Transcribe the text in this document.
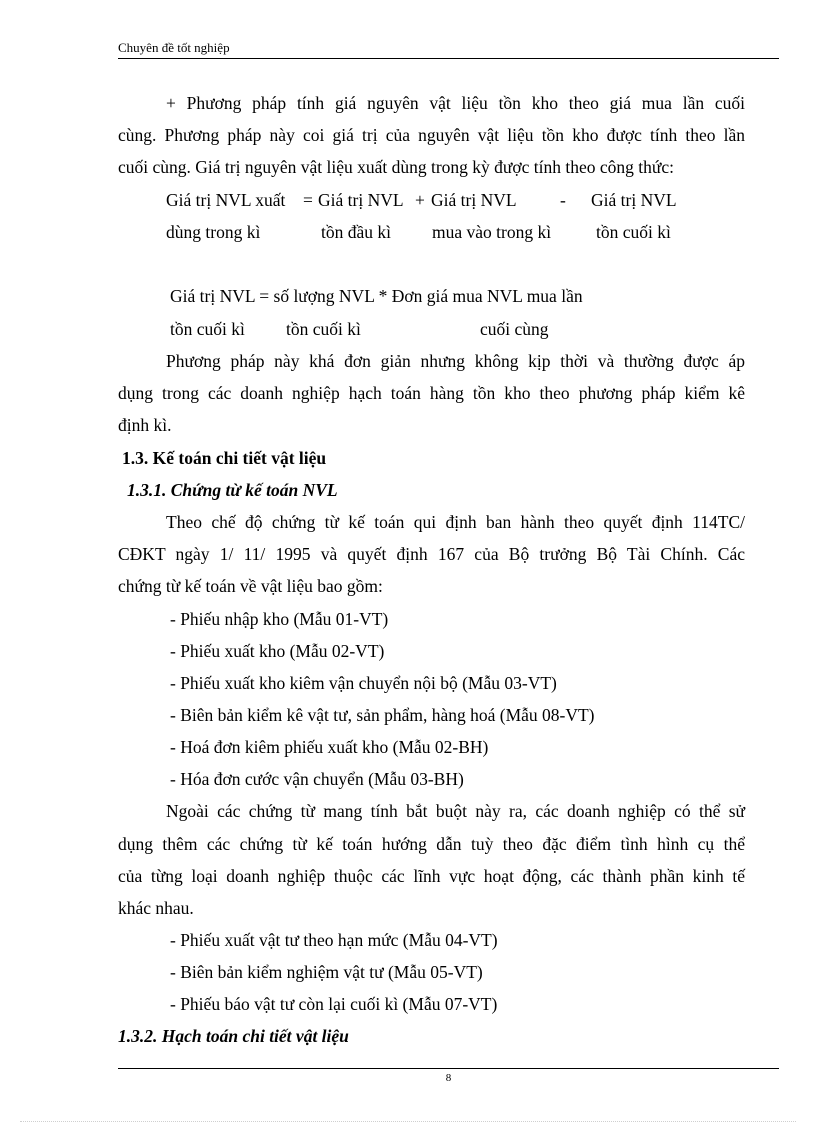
Chuyên đề tốt nghiệp
+ Phương pháp tính giá nguyên vật liệu tồn kho theo giá mua lần cuối
cùng. Phương pháp này coi giá trị của nguyên vật liệu tồn kho được tính theo lần
cuối cùng. Giá trị nguyên vật liệu xuất dùng trong kỳ được tính theo công thức:
Giá trị NVL xuất = Giá trị NVL + Giá trị NVL - Giá trị NVL
dùng trong kì	tồn đầu kì mua vào trong kì	tồn cuối kì
Giá trị NVL = số lượng NVL * Đơn giá mua NVL mua lần
tồn cuối kì tồn cuối kì	cuối cùng
Phương pháp này khá đơn giản nhưng không kịp thời và thường được áp
dụng trong các doanh nghiệp hạch toán hàng tồn kho theo phương pháp kiểm kê
định kì.
1.3. Kế toán chi tiết vật liệu
1.3.1. Chứng từ kế toán NVL
Theo chế độ chứng từ kế toán qui định ban hành theo quyết định 114TC/
CĐKT ngày 1/ 11/ 1995 và quyết định 167 của Bộ trưởng Bộ Tài Chính. Các
chứng từ kế toán về vật liệu bao gồm:
- Phiếu nhập kho (Mẫu 01-VT)
- Phiếu xuất kho (Mẫu 02-VT)
- Phiếu xuất kho kiêm vận chuyển nội bộ (Mẫu 03-VT)
- Biên bản kiểm kê vật tư, sản phẩm, hàng hoá (Mẫu 08-VT)
- Hoá đơn kiêm phiếu xuất kho (Mẫu 02-BH)
- Hóa đơn cước vận chuyển (Mẫu 03-BH)
Ngoài các chứng từ mang tính bắt buột này ra, các doanh nghiệp có thể sử
dụng thêm các chứng từ kế toán hướng dẫn tuỳ theo đặc điểm tình hình cụ thể
của từng loại doanh nghiệp thuộc các lĩnh vực hoạt động, các thành phần kinh tế
khác nhau.
- Phiếu xuất vật tư theo hạn mức (Mẫu 04-VT)
- Biên bản kiểm nghiệm vật tư (Mẫu 05-VT)
- Phiếu báo vật tư còn lại cuối kì (Mẫu 07-VT)
1.3.2. Hạch toán chi tiết vật liệu
8
